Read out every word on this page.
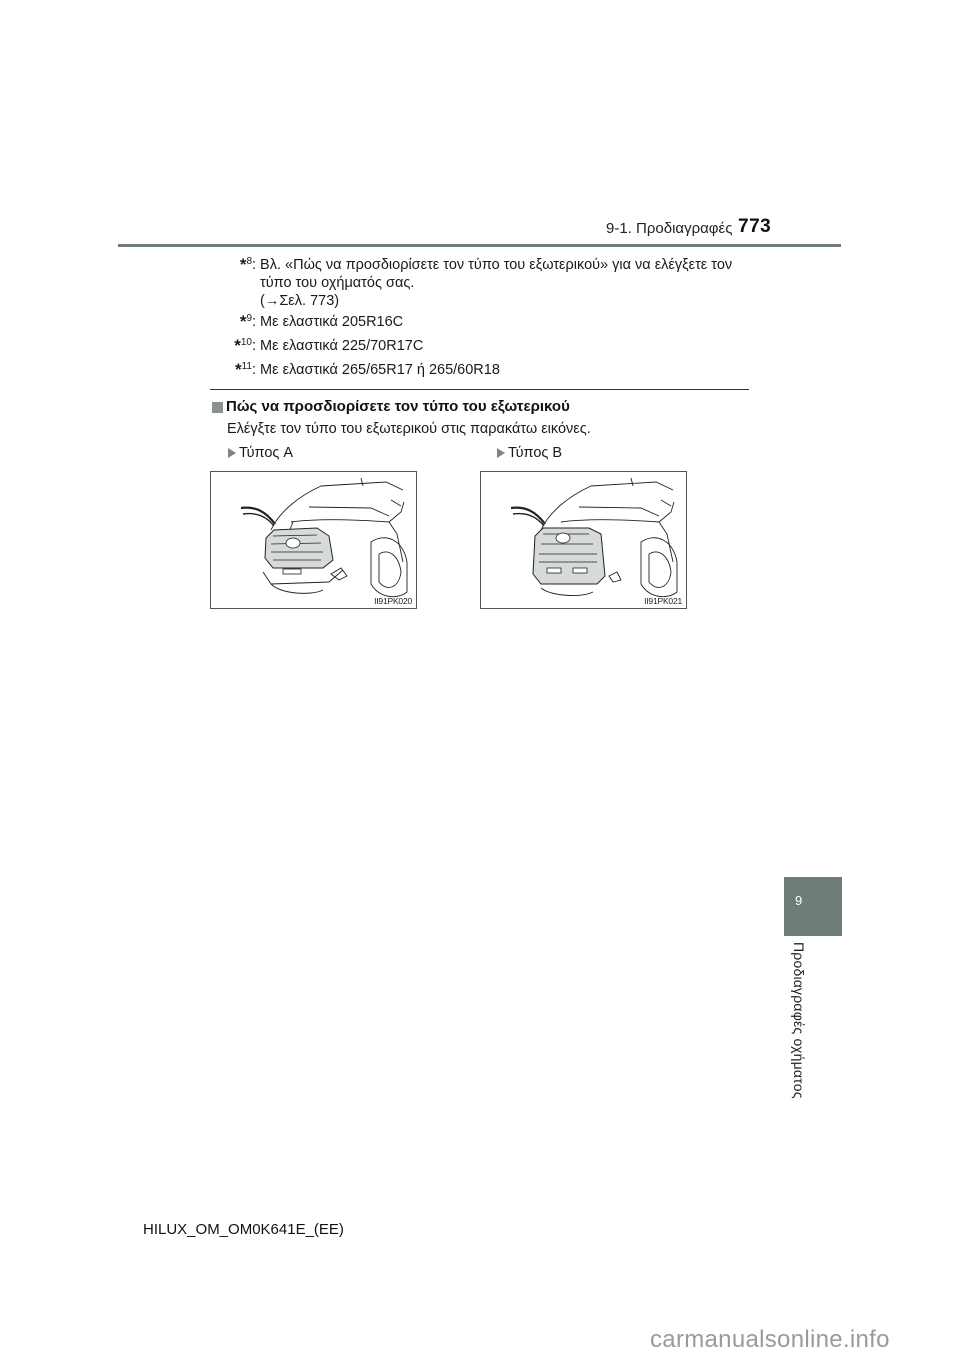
9-1. Προδιαγραφές 773
*$^8$ : Βλ. «Πώς να προσδιορίσετε τον τύπο του εξωτερικού» για να ελέγξετε τον
τύπο του οχήματός σας.
(→Σελ. 773)
*$^9$ : Με ελαστικά 205R16C
*$^{10}$ : Με ελαστικά 225/70R17C
*$^{11}$ : Με ελαστικά 265/65R17 ή 265/60R18
Πώς να προσδιορίσετε τον τύπο του εξωτερικού
Ελέγξτε τον τύπο του εξωτερικού στις παρακάτω εικόνες.
Τύπος A	Τύπος B
II91PK020	II91PK021
9
Προδιαγραφές οχήματος
HILUX_OM_OM0K641E_(EE)
carmanualsonline.info
